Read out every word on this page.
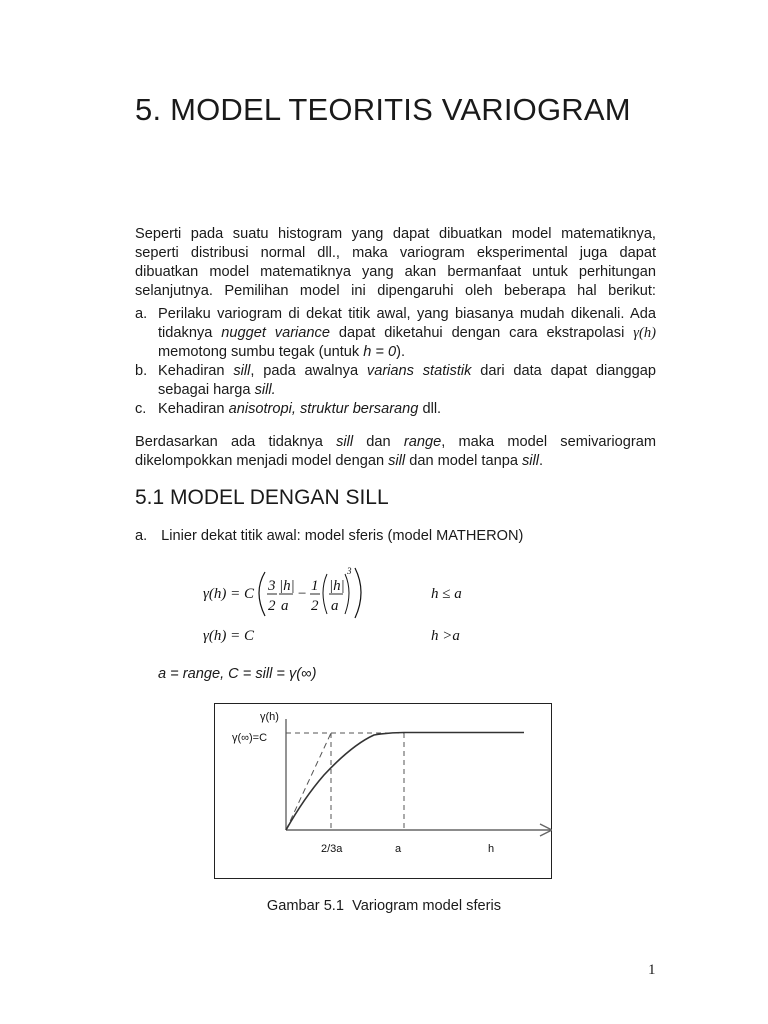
5. MODEL TEORITIS VARIOGRAM

Seperti pada suatu histogram yang dapat dibuatkan model matematiknya, seperti distribusi normal dll., maka variogram eksperimental juga dapat dibuatkan model matematiknya yang akan bermanfaat untuk perhitungan selanjutnya. Pemilihan model ini dipengaruhi oleh beberapa hal berikut:

a. Perilaku variogram di dekat titik awal, yang biasanya mudah dikenali. Ada tidaknya nugget variance dapat diketahui dengan cara ekstrapolasi γ(h) memotong sumbu tegak (untuk h = 0).
b. Kehadiran sill, pada awalnya varians statistik dari data dapat dianggap sebagai harga sill.
c. Kehadiran anisotropi, struktur bersarang dll.

Berdasarkan ada tidaknya sill dan range, maka model semivariogram dikelompokkan menjadi model dengan sill dan model tanpa sill.

5.1 MODEL DENGAN SILL
a. Linier dekat titik awal: model sferis (model MATHERON)
γ(h) = C 3
2
|h|
a
− 1
2
|h|
a
3
h ≤ a
γ(h) = C	h >a
a = range, C = sill = γ(∞)
γ(h)
γ(∞)=C
2/3a	a	h
Gambar 5.1  Variogram model sferis
1
